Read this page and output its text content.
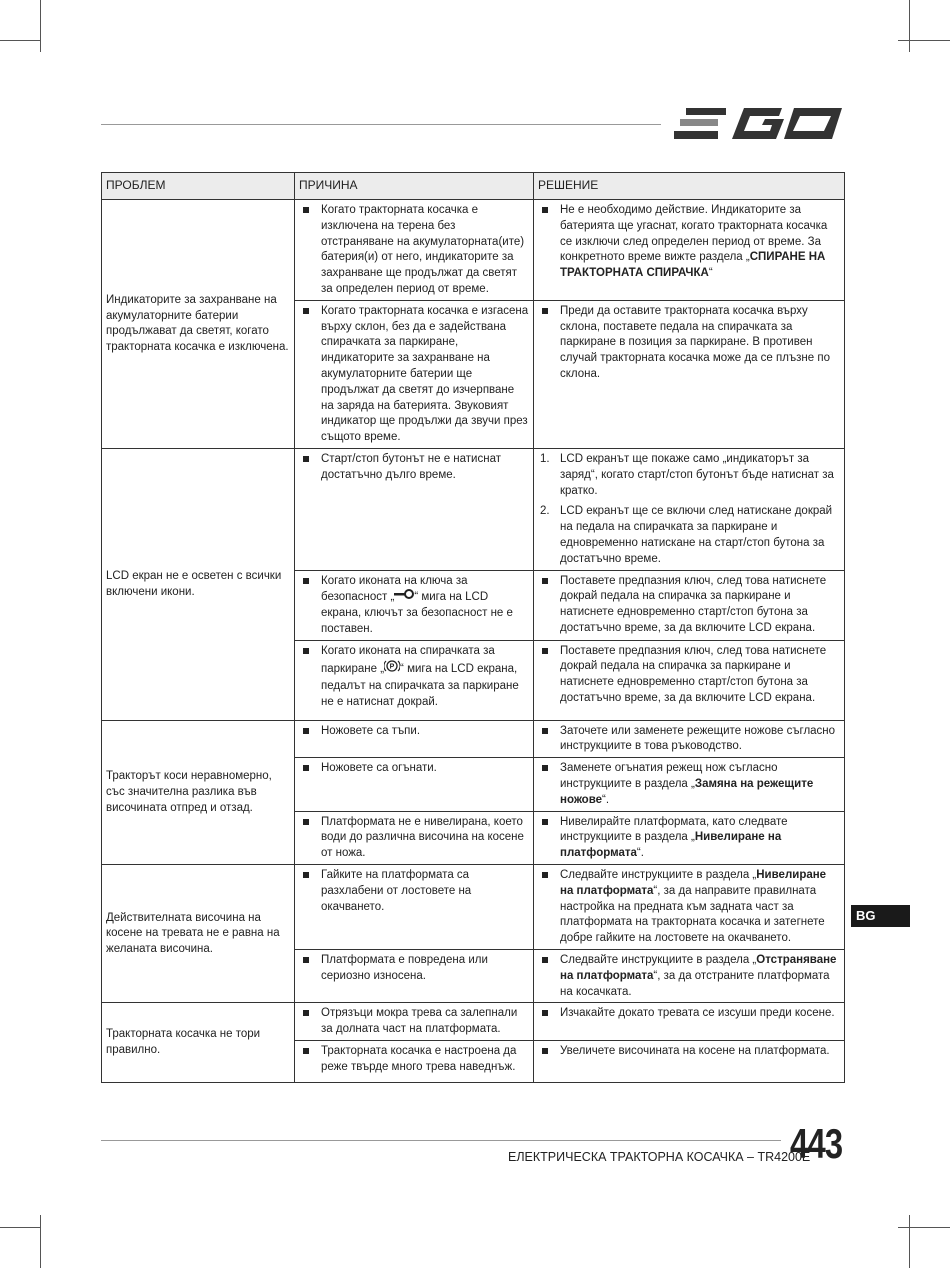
ПРОБЛЕМ	ПРИЧИНА	РЕШЕНИЕ
Индикаторите за захранване на акумулаторните батерии продължават да светят, когато тракторната косачка е изключена.	Когато тракторната косачка е изключена на терена без отстраняване на акумулаторната(ите) батерия(и) от него, индикаторите за захранване ще продължат да светят за определен период от време.	Не е необходимо действие. Индикаторите за батерията ще угаснат, когато тракторната косачка се изключи след определен период от време. За конкретното време вижте раздела „СПИРАНЕ НА ТРАКТОРНАТА СПИРАЧКА“

Когато тракторната косачка е изгасена върху склон, без да е задействана спирачката за паркиране, индикаторите за захранване на акумулаторните батерии ще продължат да светят до изчерпване на заряда на батерията. Звуковият индикатор ще продължи да звучи през същото време.	Преди да оставите тракторната косачка върху склона, поставете педала на спирачката за паркиране в позиция за паркиране. В противен случай тракторната косачка може да се плъзне по склона.

LCD екран не е осветен с всички включени икони.	Старт/стоп бутонът не е натиснат достатъчно дълго време.	1. LCD екранът ще покаже само „индикаторът за заряд“, когато старт/стоп бутонът бъде натиснат за кратко.
2. LCD екранът ще се включи след натискане докрай на педала на спирачката за паркиране и едновременно натискане на старт/стоп бутона за достатъчно време.

Когато иконата на ключа за безопасност „ “ мига на LCD екрана, ключът за безопасност не е поставен.	Поставете предпазния ключ, след това натиснете докрай педала на спирачка за паркиране и натиснете едновременно старт/стоп бутона за достатъчно време, за да включите LCD екрана.

Когато иконата на спирачката за паркиране „ P “ мига на LCD екрана, педалът на спирачката за паркиране не е натиснат докрай.	Поставете предпазния ключ, след това натиснете докрай педала на спирачка за паркиране и натиснете едновременно старт/стоп бутона за достатъчно време, за да включите LCD екрана.

Тракторът коси неравномерно, със значителна разлика във височината отпред и отзад.	Ножовете са тъпи.	Заточете или заменете режещите ножове съгласно инструкциите в това ръководство.

Ножовете са огънати.	Заменете огънатия режещ нож съгласно инструкциите в раздела „Замяна на режещите ножове“.

Платформата не е нивелирана, което води до различна височина на косене от ножа.	Нивелирайте платформата, като следвате инструкциите в раздела „Нивелиране на платформата“.

Действителната височина на косене на тревата не е равна на желаната височина.	Гайките на платформата са разхлабени от лостовете на окачването.	Следвайте инструкциите в раздела „Нивелиране на платформата“, за да направите правилната настройка на предната към задната част за платформата на тракторната косачка и затегнете добре гайките на лостовете на окачването.

Платформата е повредена или сериозно износена.	Следвайте инструкциите в раздела „Отстраняване на платформата“, за да отстраните платформата на косачката.

Тракторната косачка не тори правилно.	Отрязъци мокра трева са залепнали за долната част на платформата.	Изчакайте докато тревата се изсуши преди косене.

Тракторната косачка е настроена да реже твърде много трева наведнъж.	Увеличете височината на косене на платформата.
BG
ЕЛЕКТРИЧЕСКА ТРАКТОРНА КОСАЧКА – TR4200E
443
